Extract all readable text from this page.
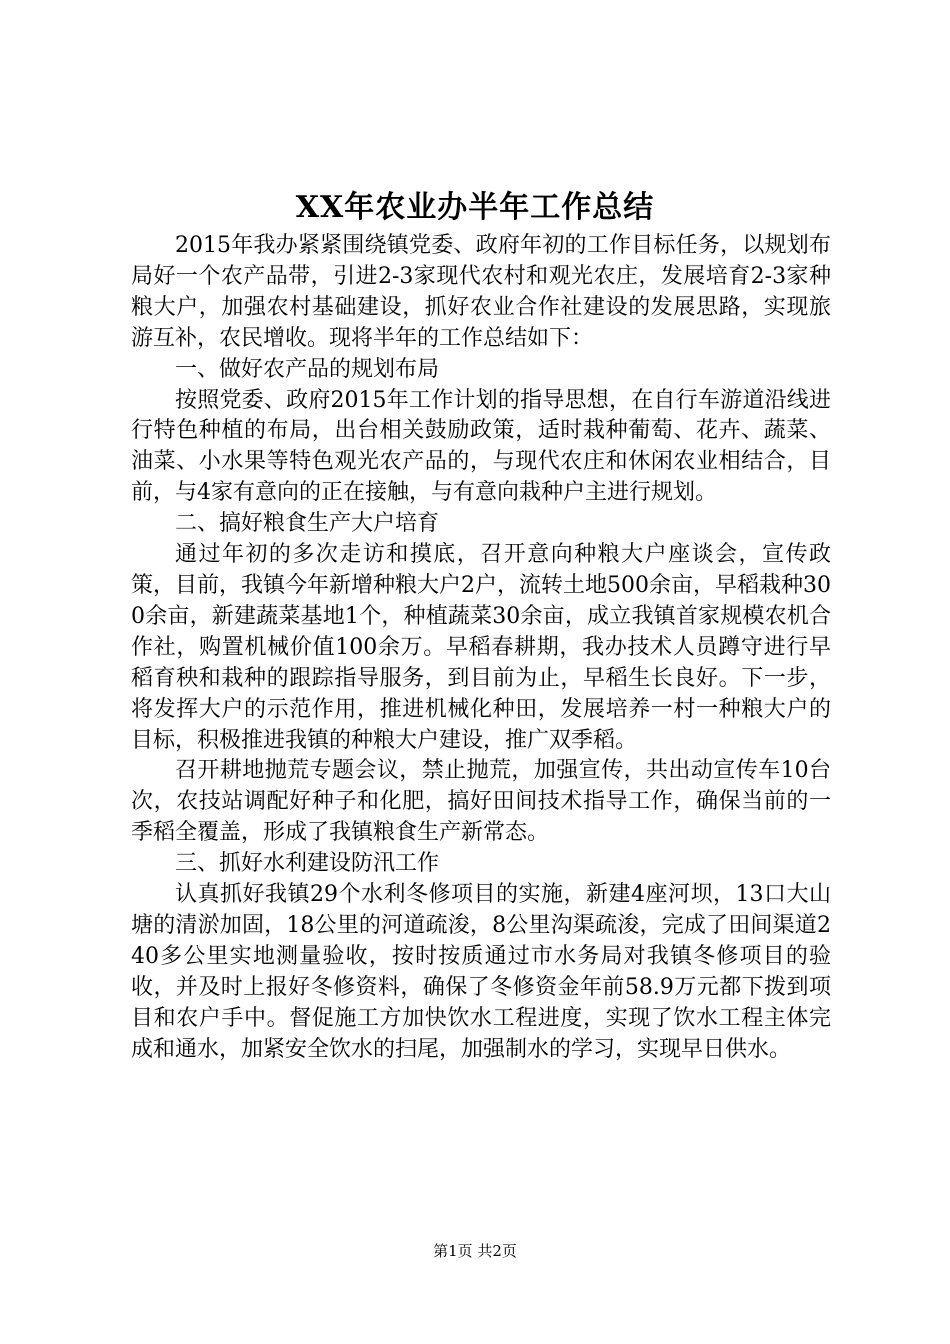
XX年农业办半年工作总结

2015年我办紧紧围绕镇党委、政府年初的工作目标任务，以规划布局好一个农产品带，引进2-3家现代农村和观光农庄，发展培育2-3家种粮大户，加强农村基础建设，抓好农业合作社建设的发展思路，实现旅游互补，农民增收。现将半年的工作总结如下：

一、做好农产品的规划布局

按照党委、政府2015年工作计划的指导思想，在自行车游道沿线进行特色种植的布局，出台相关鼓励政策，适时栽种葡萄、花卉、蔬菜、油菜、小水果等特色观光农产品的，与现代农庄和休闲农业相结合，目前，与4家有意向的正在接触，与有意向栽种户主进行规划。

二、搞好粮食生产大户培育

通过年初的多次走访和摸底，召开意向种粮大户座谈会，宣传政策，目前，我镇今年新增种粮大户2户，流转土地500余亩，早稻栽种300余亩，新建蔬菜基地1个，种植蔬菜30余亩，成立我镇首家规模农机合作社，购置机械价值100余万。早稻春耕期，我办技术人员蹲守进行早稻育秧和栽种的跟踪指导服务，到目前为止，早稻生长良好。下一步，将发挥大户的示范作用，推进机械化种田，发展培养一村一种粮大户的目标，积极推进我镇的种粮大户建设，推广双季稻。

召开耕地抛荒专题会议，禁止抛荒，加强宣传，共出动宣传车10台次，农技站调配好种子和化肥，搞好田间技术指导工作，确保当前的一季稻全覆盖，形成了我镇粮食生产新常态。

三、抓好水利建设防汛工作

认真抓好我镇29个水利冬修项目的实施，新建4座河坝，13口大山塘的清淤加固，18公里的河道疏浚，8公里沟渠疏浚，完成了田间渠道240多公里实地测量验收，按时按质通过市水务局对我镇冬修项目的验收，并及时上报好冬修资料，确保了冬修资金年前58.9万元都下拨到项目和农户手中。督促施工方加快饮水工程进度，实现了饮水工程主体完成和通水，加紧安全饮水的扫尾，加强制水的学习，实现早日供水。

第1页 共2页
